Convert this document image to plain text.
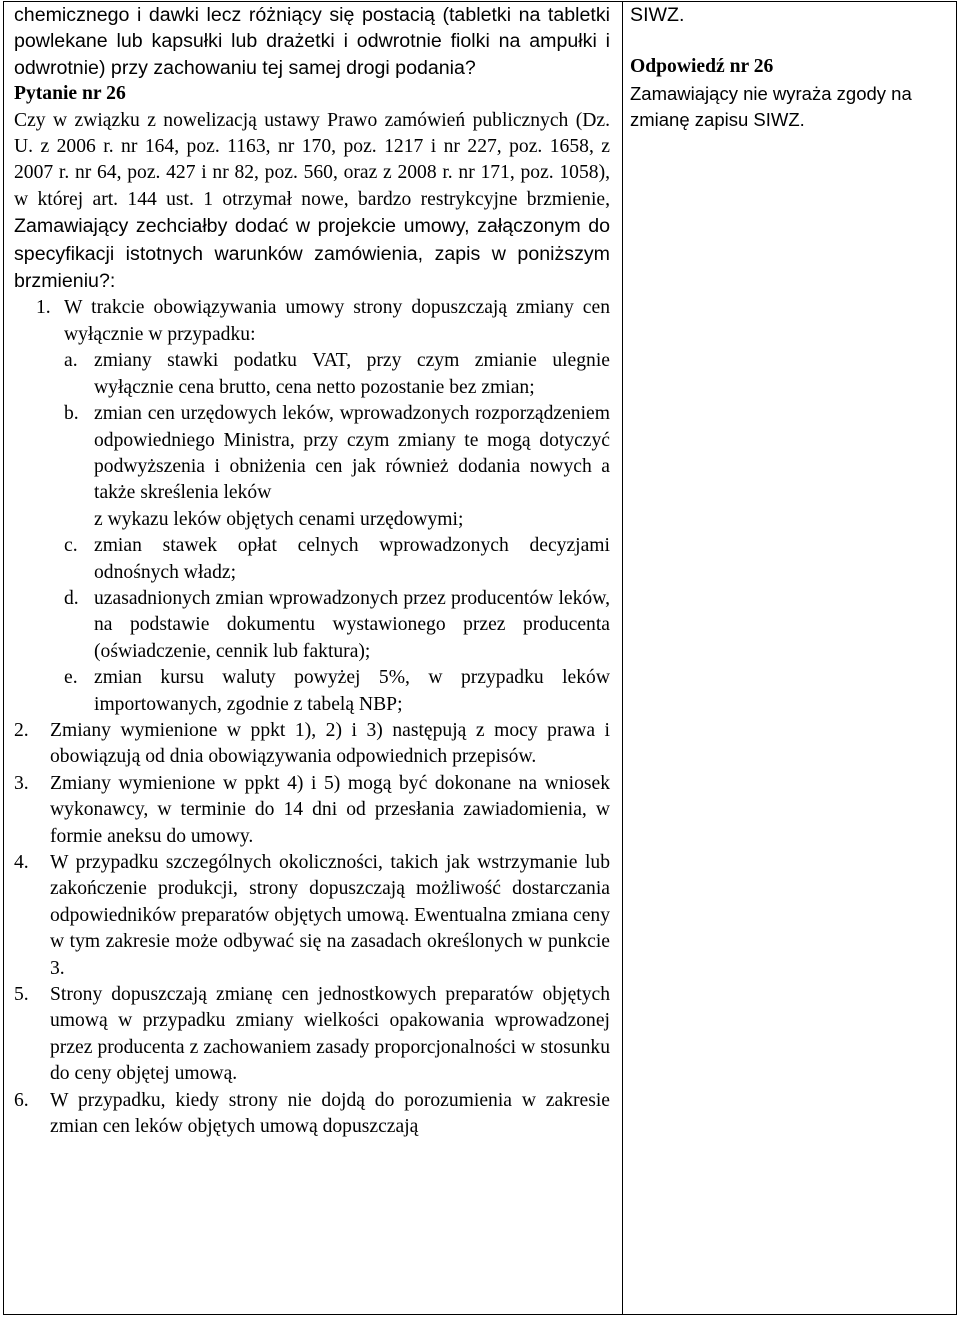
chemicznego i dawki lecz różniący się postacią (tabletki na tabletki powlekane lub kapsułki lub drażetki i odwrotnie fiolki na ampułki i odwrotnie) przy zachowaniu tej samej drogi podania?

Pytanie nr 26

Czy w związku z nowelizacją ustawy Prawo zamówień publicznych (Dz. U. z 2006 r. nr 164, poz. 1163, nr 170, poz. 1217 i nr 227, poz. 1658, z 2007 r. nr 64, poz. 427 i nr 82, poz. 560, oraz z 2008 r. nr 171, poz. 1058), w której art. 144 ust. 1 otrzymał nowe, bardzo restrykcyjne brzmienie, Zamawiający zechciałby dodać w projekcie umowy, załączonym do specyfikacji istotnych warunków zamówienia, zapis w poniższym brzmieniu?:

1. W trakcie obowiązywania umowy strony dopuszczają zmiany cen wyłącznie w przypadku:
a. zmiany stawki podatku VAT, przy czym zmianie ulegnie wyłącznie cena brutto, cena netto pozostanie bez zmian;
b. zmian cen urzędowych leków, wprowadzonych rozporządzeniem odpowiedniego Ministra, przy czym zmiany te mogą dotyczyć podwyższenia i obniżenia cen jak również dodania nowych a także skreślenia leków
z wykazu leków objętych cenami urzędowymi;
c. zmian stawek opłat celnych wprowadzonych decyzjami odnośnych władz;
d. uzasadnionych zmian wprowadzonych przez producentów leków, na podstawie dokumentu wystawionego przez producenta (oświadczenie, cennik lub faktura);
e. zmian kursu waluty powyżej 5%, w przypadku leków importowanych, zgodnie z tabelą NBP;
2.	Zmiany wymienione w ppkt 1), 2) i 3) następują z mocy prawa i obowiązują od dnia obowiązywania odpowiednich przepisów.
3.	Zmiany wymienione w ppkt 4) i 5) mogą być dokonane na wniosek wykonawcy, w terminie do 14 dni od przesłania zawiadomienia, w formie aneksu do umowy.
4.	W przypadku szczególnych okoliczności, takich jak wstrzymanie lub zakończenie produkcji, strony dopuszczają możliwość dostarczania odpowiedników preparatów objętych umową. Ewentualna zmiana ceny w tym zakresie może odbywać się na zasadach określonych w punkcie 3.
5.	Strony dopuszczają zmianę cen jednostkowych preparatów objętych umową w przypadku zmiany wielkości opakowania wprowadzonej przez producenta z zachowaniem zasady proporcjonalności w stosunku do ceny objętej umową.
6.	W przypadku, kiedy strony nie dojdą do porozumienia w zakresie zmian cen leków objętych umową dopuszczają

SIWZ.

Odpowiedź nr 26

Zamawiający nie wyraża zgody na zmianę zapisu SIWZ.
